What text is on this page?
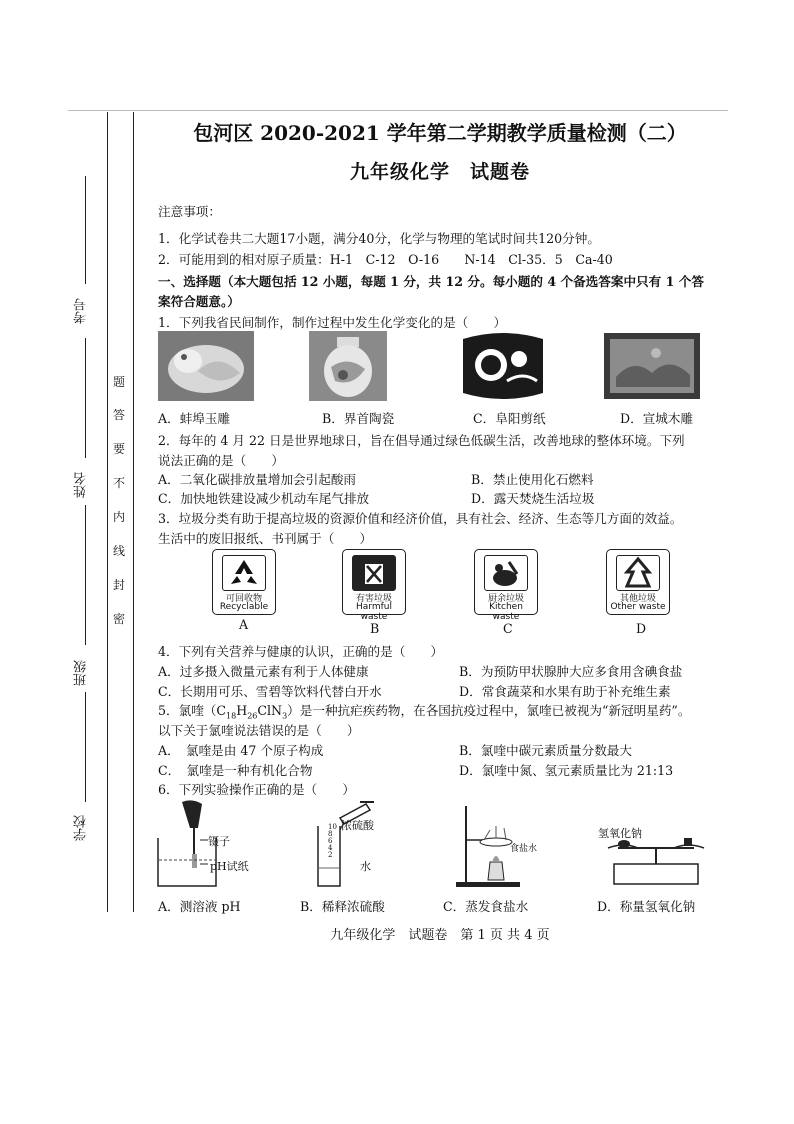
考号
姓名
班级
学校
题
答
要
不
内
线
封
密
包河区 2020-2021 学年第二学期教学质量检测（二）
九年级化学　试题卷
注意事项：
1．化学试卷共二大题17小题，满分40分，化学与物理的笔试时间共120分钟。
2．可能用到的相对原子质量：H-1　C-12　O-16　　N-14　Cl-35．5　Ca-40
一、选择题（本大题包括 12 小题，每题 1 分，共 12 分。每小题的 4 个备选答案中只有 1 个答
案符合题意。）
1．下列我省民间制作，制作过程中发生化学变化的是（　　）
A．蚌埠玉雕	B．界首陶瓷	C．阜阳剪纸	D．宣城木雕
2．每年的 4 月 22 日是世界地球日，旨在倡导通过绿色低碳生活，改善地球的整体环境。下列
说法正确的是（　　）
A．二氧化碳排放量增加会引起酸雨	B．禁止使用化石燃料
C．加快地铁建设减少机动车尾气排放	D．露天焚烧生活垃圾
3．垃圾分类有助于提高垃圾的资源价值和经济价值，具有社会、经济、生态等几方面的效益。
生活中的废旧报纸、书刊属于（　　）
可回收物
Recyclable
有害垃圾
Harmful waste
厨余垃圾
Kitchen waste
其他垃圾
Other waste
A	B	C	D
4．下列有关营养与健康的认识，正确的是（　　）
A．过多摄入微量元素有利于人体健康	B．为预防甲状腺肿大应多食用含碘食盐
C．长期用可乐、雪碧等饮料代替白开水	D．常食蔬菜和水果有助于补充维生素
5．氯喹$(C_{18}H_{26}ClN_3)$是一种抗疟疾药物，在各国抗疫过程中，氯喹已被视为“新冠明星药”。
以下关于氯喹说法错误的是（　　）
A．　氯喹是由 47 个原子构成	B．氯喹中碳元素质量分数最大
C．　氯喹是一种有机化合物	D．氯喹中氮、氢元素质量比为 21:13
6．下列实验操作正确的是（　　）
镊子
pH试纸
浓硫酸
10
8
6
4
2
水
食盐水
氢氧化钠
A．测溶液 pH	B．稀释浓硫酸	C．蒸发食盐水	D．称量氢氧化钠
九年级化学　试题卷　第 1 页 共 4 页
